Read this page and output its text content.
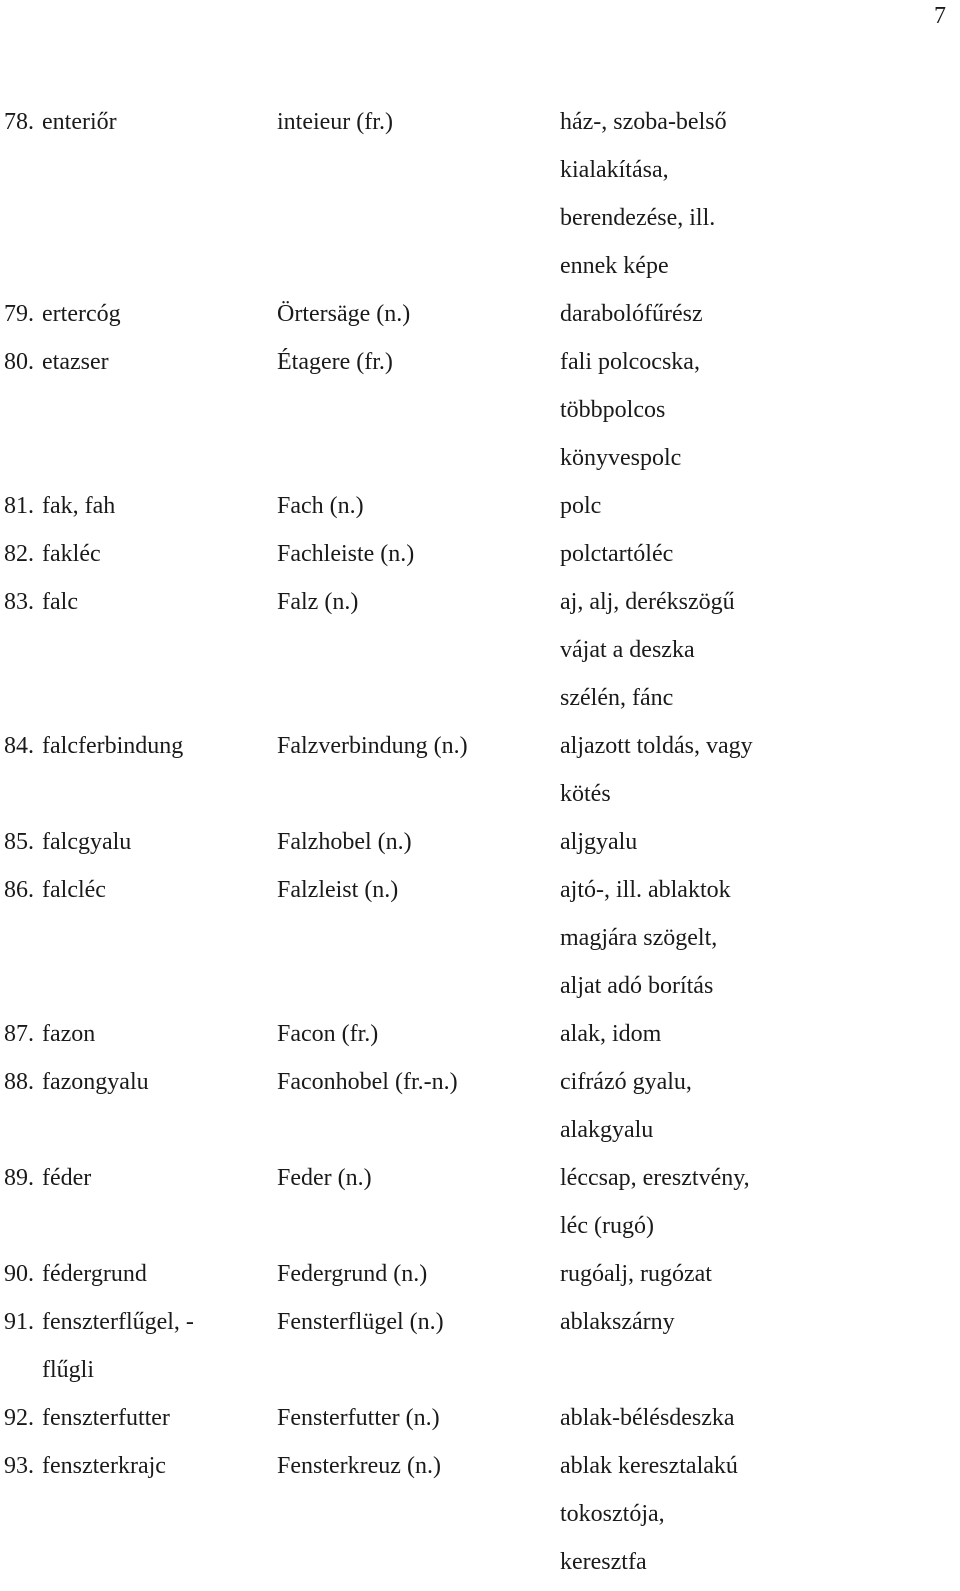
7
78. enteriőr	inteieur (fr.)	ház-, szoba-belső
kialakítása,
berendezése, ill.
ennek képe
79. ertercóg	Örtersäge (n.)	darabolófűrész
80. etazser	Étagere (fr.)	fali polcocska,
többpolcos
könyvespolc
81. fak, fah	Fach (n.)	polc
82. fakléc	Fachleiste (n.)	polctartóléc
83. falc	Falz (n.)	aj, alj, derékszögű
vájat a deszka
szélén, fánc
84. falcferbindung	Falzverbindung (n.)	aljazott toldás, vagy
kötés
85. falcgyalu	Falzhobel (n.)	aljgyalu
86. falcléc	Falzleist (n.)	ajtó-, ill. ablaktok
magjára szögelt,
aljat adó borítás
87. fazon	Facon (fr.)	alak, idom
88. fazongyalu	Faconhobel (fr.-n.)	cifrázó gyalu,
alakgyalu
89. féder	Feder (n.)	léccsap, eresztvény,
léc (rugó)
90. fédergrund	Federgrund (n.)	rugóalj, rugózat
91. fenszterflűgel, -	Fensterflügel (n.)	ablakszárny
flűgli
92. fenszterfutter	Fensterfutter (n.)	ablak-bélésdeszka
93. fenszterkrajc	Fensterkreuz (n.)	ablak keresztalakú
tokosztója,
keresztfa
